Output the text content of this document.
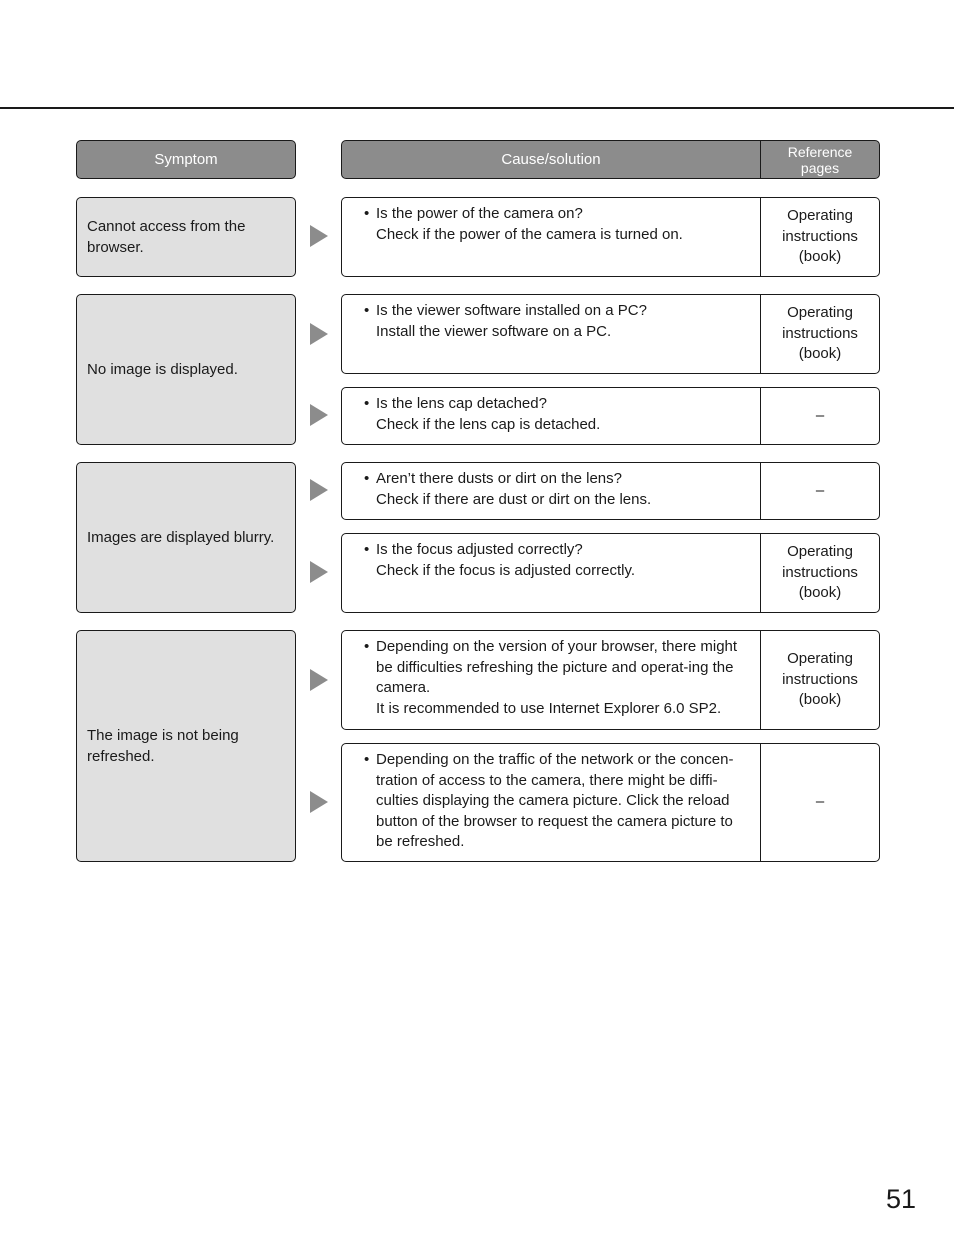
Symptom	Cause/solution	Reference
pages
Cannot access from the browser.
• Is the power of the camera on?

Check if the power of the camera is turned on.

Operating
instructions
(book)
No image is displayed.
• Is the viewer software installed on a PC?

Install the viewer software on a PC.

Operating
instructions
(book)
• Is the lens cap detached?

Check if the lens cap is detached.

–
Images are displayed blurry.
• Aren’t there dusts or dirt on the lens?

Check if there are dust or dirt on the lens.

–
• Is the focus adjusted correctly?

Check if the focus is adjusted correctly.

Operating
instructions
(book)
The image is not being refreshed.
• Depending on the version of your browser, there might be difficulties refreshing the picture and operat-ing the camera.

It is recommended to use Internet Explorer 6.0 SP2.

Operating
instructions
(book)
• Depending on the traffic of the network or the concen-tration of access to the camera, there might be diffi-culties displaying the camera picture. Click the reload button of the browser to request the camera picture to be refreshed.

–
51
